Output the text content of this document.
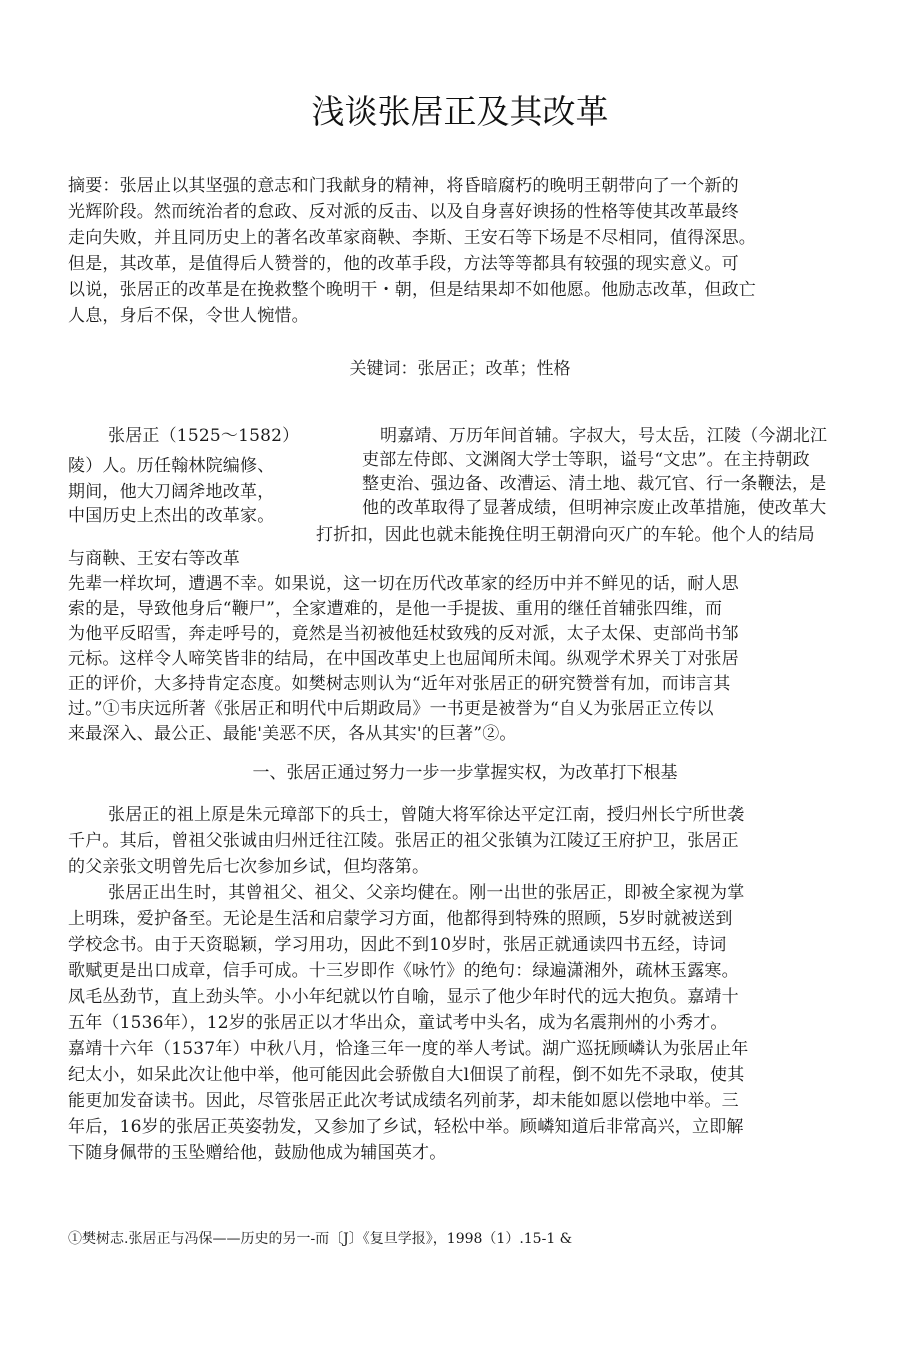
浅谈张居正及其改革
摘要：张居止以其坚强的意志和门我献身的精神，将昏暗腐朽的晚明王朝带向了一个新的
光辉阶段。然而统治者的怠政、反对派的反击、以及自身喜好谀扬的性格等使其改革最终
走向失败，并且同历史上的著名改革家商鞅、李斯、王安石等下场是不尽相同，值得深思。
但是，其改革，是值得后人赞誉的，他的改革手段，方法等等都具有较强的现实意义。可
以说，张居正的改革是在挽救整个晚明干・朝，但是结果却不如他愿。他励志改革，但政亡
人息，身后不保，令世人惋惜。
关键词：张居正；改革；性格
张居正（1525～1582）
陵）人。历任翰林院编修、
期间，他大刀阔斧地改革，
中国历史上杰出的改革家。
明嘉靖、万历年间首辅。字叔大，号太岳，江陵（今湖北江
吏部左侍郎、文渊阁大学士等职，谥号“文忠”。在主持朝政
整吏治、强边备、改漕运、清土地、裁冗官、行一条鞭法，是
他的改革取得了显著成绩，但明神宗废止改革措施，使改革大
打折扣，因此也就未能挽住明王朝滑向灭广的车轮。他个人的结局
与商鞅、王安右等改革
先辈一样坎坷，遭遇不幸。如果说，这一切在历代改革家的经历中并不鲜见的话，耐人思
索的是，导致他身后“鞭尸”，全家遭难的，是他一手提拔、重用的继任首辅张四维，而
为他平反昭雪，奔走呼号的，竟然是当初被他廷杖致残的反对派，太子太保、吏部尚书邹
元标。这样令人啼笑皆非的结局，在中国改革史上也屈闻所未闻。纵观学术界关丁对张居
正的评价，大多持肯定态度。如樊树志则认为“近年对张居正的研究赞誉有加，而讳言其
过。”①韦庆远所著《张居正和明代中后期政局》一书更是被誉为“自乂为张居正立传以
来最深入、最公正、最能'美恶不厌，各从其实'的巨著”②。
一、张居正通过努力一步一步掌握实权，为改革打下根基
张居正的祖上原是朱元璋部下的兵士，曾随大将军徐达平定江南，授归州长宁所世袭
千户。其后，曾祖父张诚由归州迁往江陵。张居正的祖父张镇为江陵辽王府护卫，张居正
的父亲张文明曾先后七次参加乡试，但均落第。
张居正出生时，其曾祖父、祖父、父亲均健在。刚一出世的张居正，即被全家视为掌
上明珠，爱护备至。无论是生活和启蒙学习方面，他都得到特殊的照顾，5岁时就被送到
学校念书。由于天资聪颖，学习用功，因此不到10岁时，张居正就通读四书五经，诗词
歌赋更是出口成章，信手可成。十三岁即作《咏竹》的绝句：绿遍潇湘外，疏林玉露寒。
凤毛丛劲节，直上劲头竿。小小年纪就以竹自喻，显示了他少年时代的远大抱负。嘉靖十
五年（1536年），12岁的张居正以才华出众，童试考中头名，成为名震荆州的小秀才。
嘉靖十六年（1537年）中秋八月，恰逢三年一度的举人考试。湖广巡抚顾嶙认为张居止年
纪太小，如呆此次让他中举，他可能因此会骄傲自大l佃误了前程，倒不如先不录取，使其
能更加发奋读书。因此，尽管张居正此次考试成绩名列前茅，却未能如愿以偿地中举。三
年后，16岁的张居正英姿勃发，又参加了乡试，轻松中举。顾嶙知道后非常高兴，立即解
下随身佩带的玉坠赠给他，鼓励他成为辅国英才。
①樊树志.张居正与冯保——历史的另一-而〔J〕《复旦学报》，1998（1）.15-1 &
